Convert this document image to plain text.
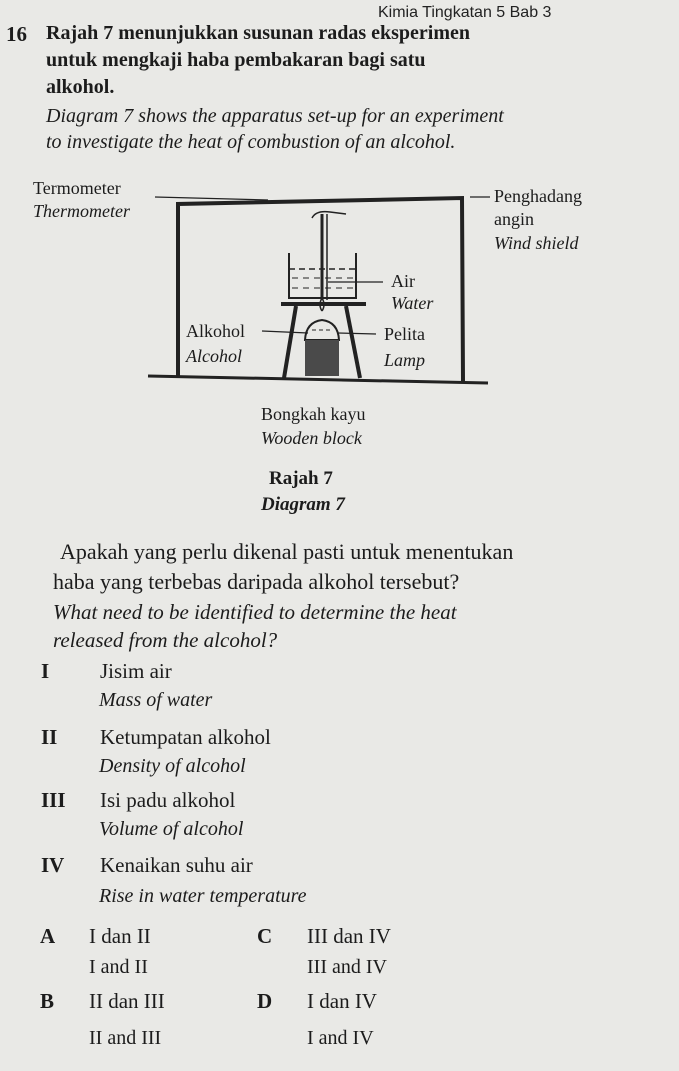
Kimia Tingkatan 5 Bab 3
16 Rajah 7 menunjukkan susunan radas eksperimen
untuk mengkaji haba pembakaran bagi satu
alkohol.
Diagram 7 shows the apparatus set-up for an experiment
to investigate the heat of combustion of an alcohol.
Termometer
Thermometer
Penghadang
angin
Wind shield
Air
Water
Alkohol
Alcohol
Pelita
Lamp
Bongkah kayu
Wooden block
Rajah 7
Diagram 7
Apakah yang perlu dikenal pasti untuk menentukan
haba yang terbebas daripada alkohol tersebut?
What need to be identified to determine the heat
released from the alcohol?
I Jisim air
Mass of water
II Ketumpatan alkohol
Density of alcohol
III Isi padu alkohol
Volume of alcohol
IV Kenaikan suhu air
Rise in water temperature
A I dan II
I and II
C III dan IV
III and IV
B II dan III
II and III
D I dan IV
I and IV
